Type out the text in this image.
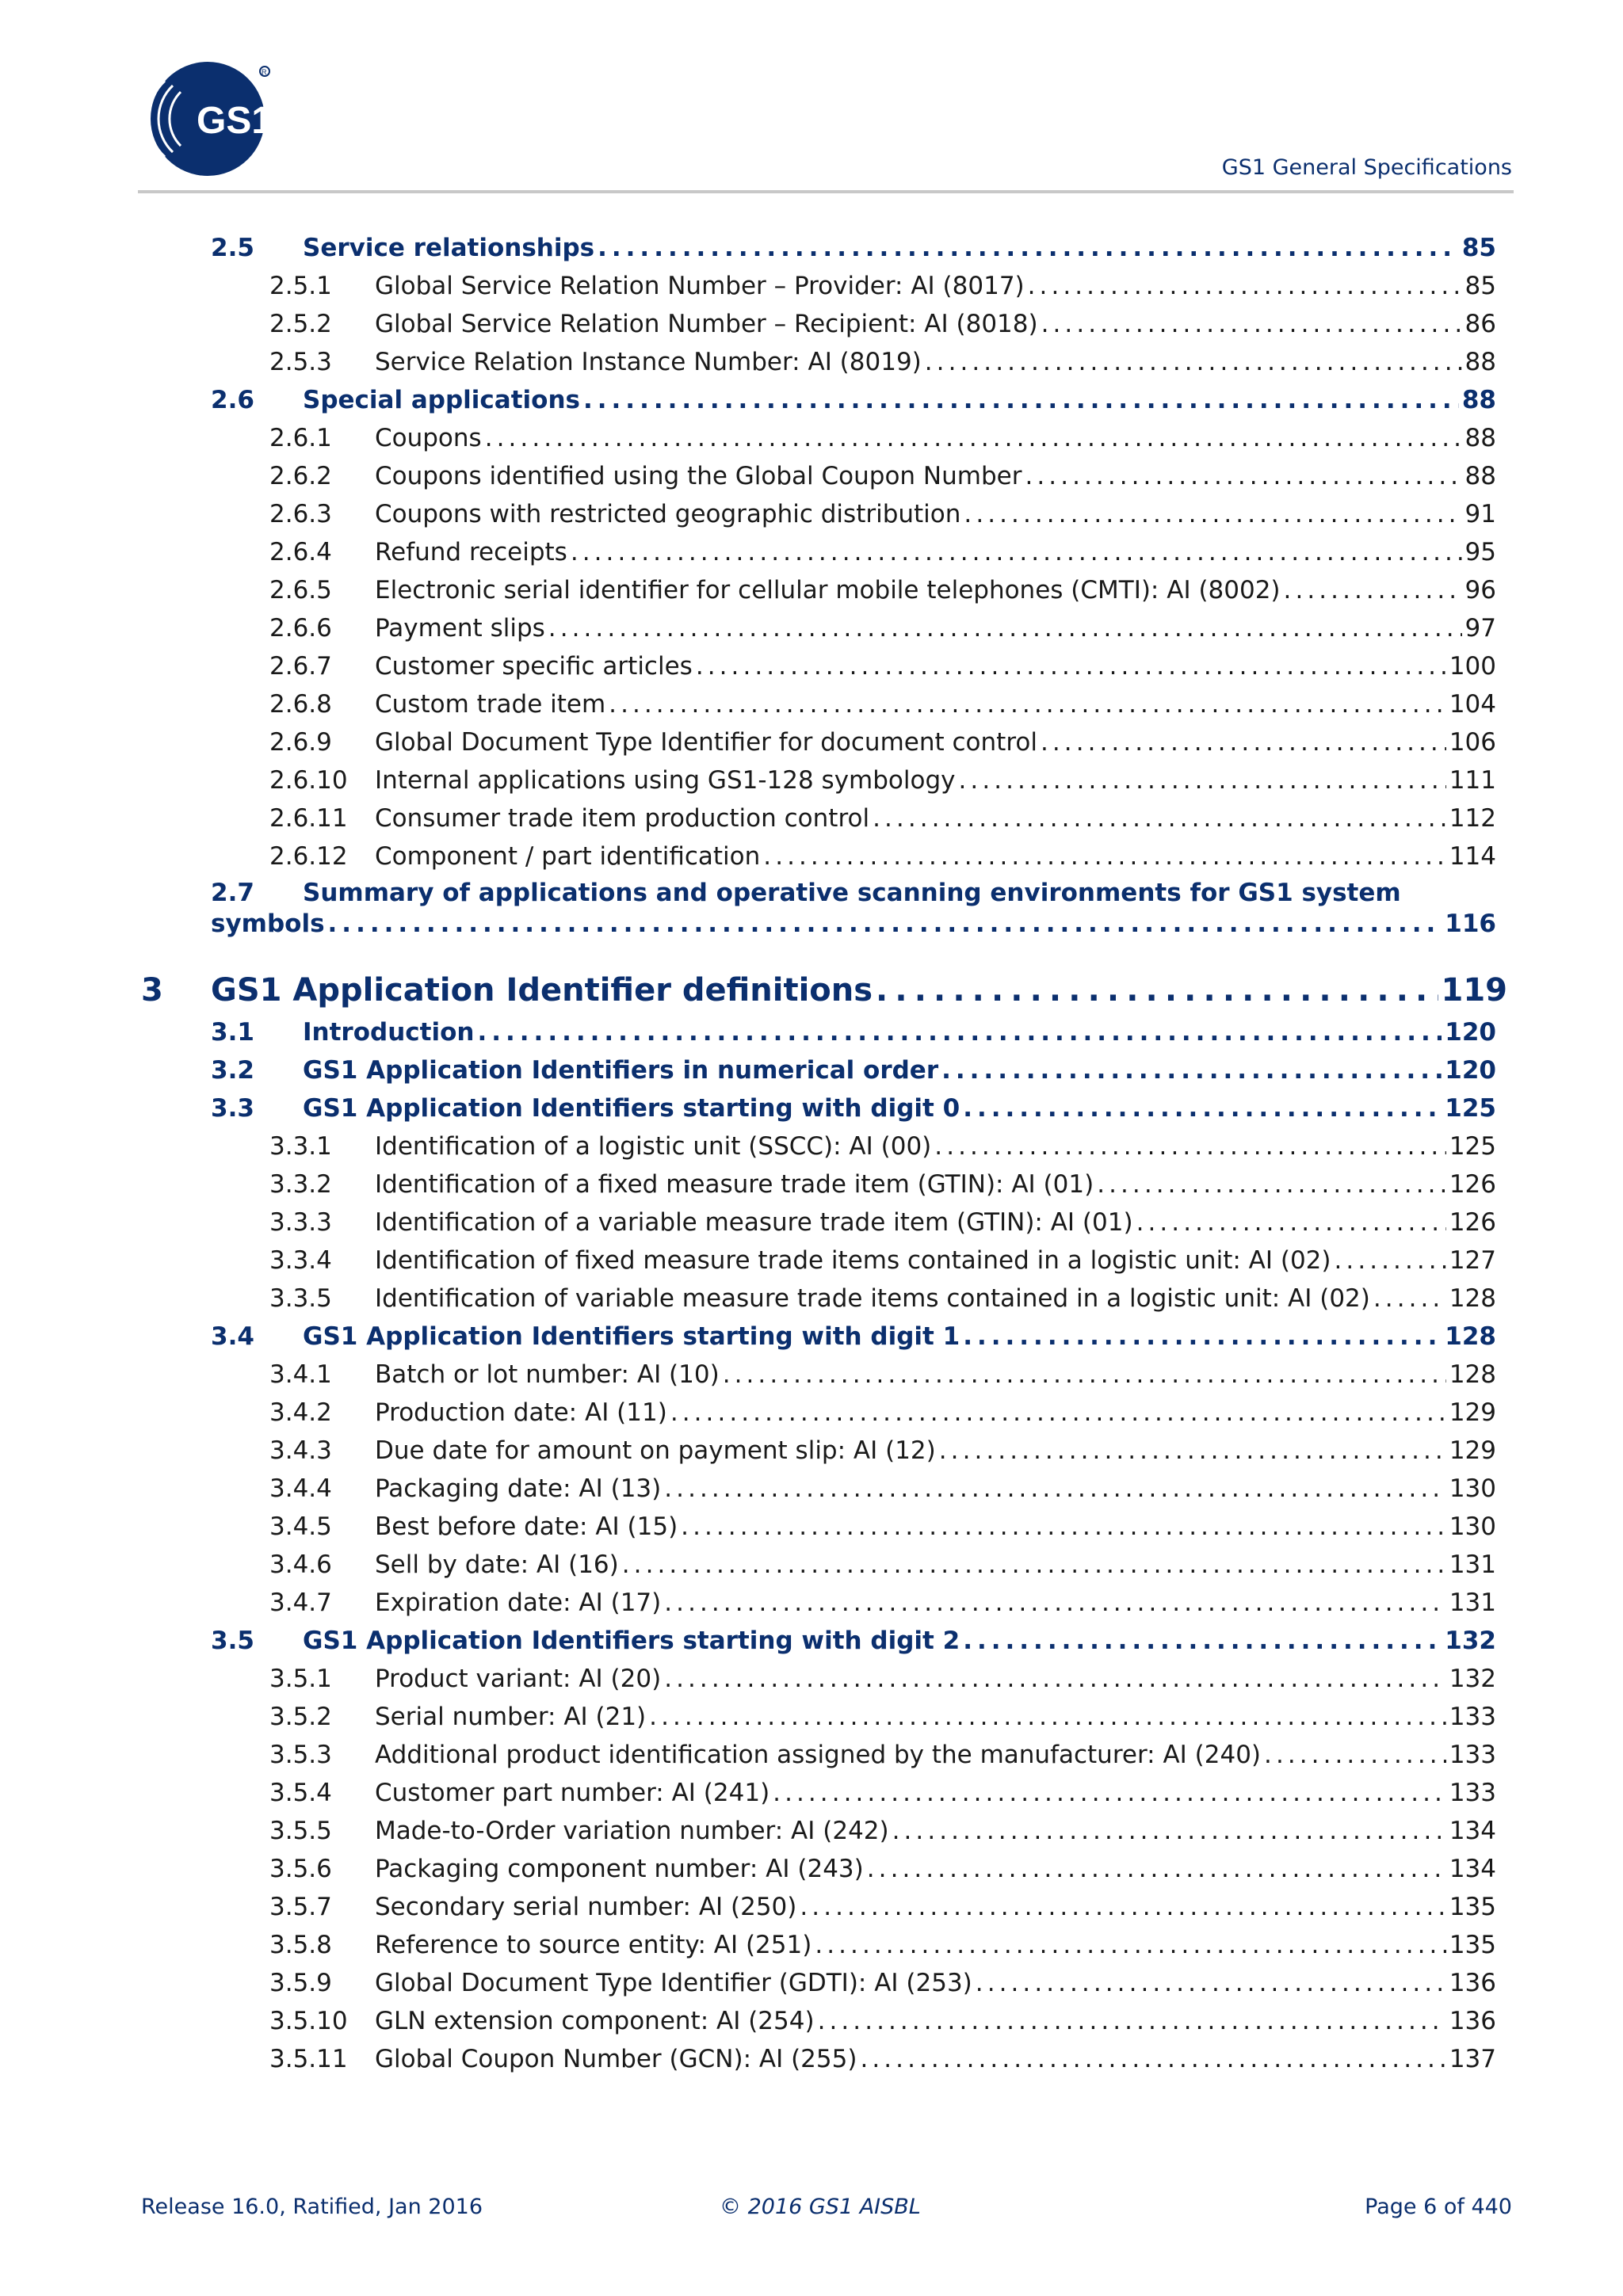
GS1
R
GS1 General Specifications
2.5	Service relationships . . .	85
2.5.1	Global Service Relation Number – Provider: AI (8017) . . .	85
2.5.2	Global Service Relation Number – Recipient: AI (8018) . . .	86
2.5.3	Service Relation Instance Number: AI (8019) . . .	88
2.6	Special applications . . .	88
2.6.1	Coupons . . .	88
2.6.2	Coupons identified using the Global Coupon Number . . .	88
2.6.3	Coupons with restricted geographic distribution . . .	91
2.6.4	Refund receipts . . .	95
2.6.5	Electronic serial identifier for cellular mobile telephones (CMTI): AI (8002) . . .	96
2.6.6	Payment slips . . .	97
2.6.7	Customer specific articles . . .	100
2.6.8	Custom trade item . . .	104
2.6.9	Global Document Type Identifier for document control . . .	106
2.6.10	Internal applications using GS1-128 symbology . . .	111
2.6.11	Consumer trade item production control . . .	112
2.6.12	Component / part identification . . .	114
2.7 Summary of applications and operative scanning environments for GS1 system
symbols . . .	116
3	GS1 Application Identifier definitions . . .	119
3.1	Introduction . . .	120
3.2	GS1 Application Identifiers in numerical order . . .	120
3.3	GS1 Application Identifiers starting with digit 0 . . .	125
3.3.1	Identification of a logistic unit (SSCC): AI (00) . . .	125
3.3.2	Identification of a fixed measure trade item (GTIN): AI (01) . . .	126
3.3.3	Identification of a variable measure trade item (GTIN): AI (01) . . .	126
3.3.4	Identification of fixed measure trade items contained in a logistic unit: AI (02) . . .	127
3.3.5	Identification of variable measure trade items contained in a logistic unit: AI (02) . . .	128
3.4	GS1 Application Identifiers starting with digit 1 . . .	128
3.4.1	Batch or lot number: AI (10) . . .	128
3.4.2	Production date: AI (11) . . .	129
3.4.3	Due date for amount on payment slip: AI (12) . . .	129
3.4.4	Packaging date: AI (13) . . .	130
3.4.5	Best before date: AI (15) . . .	130
3.4.6	Sell by date: AI (16) . . .	131
3.4.7	Expiration date: AI (17) . . .	131
3.5	GS1 Application Identifiers starting with digit 2 . . .	132
3.5.1	Product variant: AI (20) . . .	132
3.5.2	Serial number: AI (21) . . .	133
3.5.3	Additional product identification assigned by the manufacturer: AI (240) . . .	133
3.5.4	Customer part number: AI (241) . . .	133
3.5.5	Made-to-Order variation number: AI (242) . . .	134
3.5.6	Packaging component number: AI (243) . . .	134
3.5.7	Secondary serial number: AI (250) . . .	135
3.5.8	Reference to source entity: AI (251) . . .	135
3.5.9	Global Document Type Identifier (GDTI): AI (253) . . .	136
3.5.10	GLN extension component: AI (254) . . .	136
3.5.11	Global Coupon Number (GCN): AI (255) . . .	137
Release 16.0, Ratified, Jan 2016	© 2016 GS1 AISBL	Page 6 of 440
